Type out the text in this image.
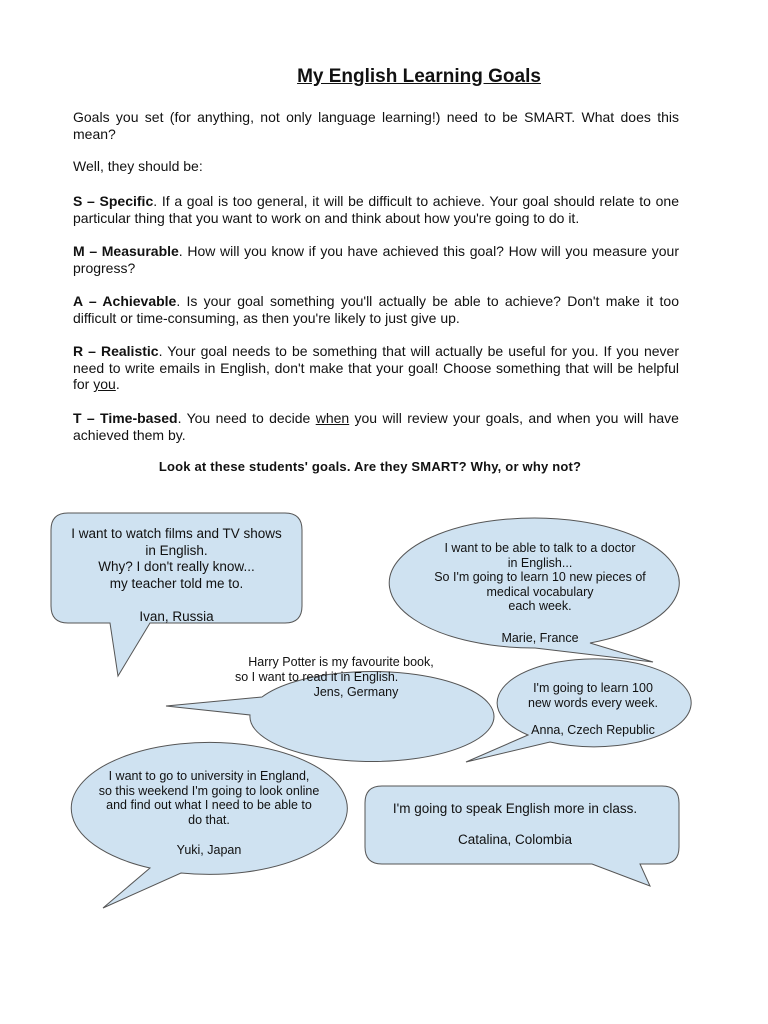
My English Learning Goals

Goals you set (for anything, not only language learning!) need to be SMART. What does this mean?

Well, they should be:

S – Specific. If a goal is too general, it will be difficult to achieve. Your goal should relate to one particular thing that you want to work on and think about how you're going to do it.

M – Measurable. How will you know if you have achieved this goal? How will you measure your progress?

A – Achievable. Is your goal something you'll actually be able to achieve? Don't make it too difficult or time-consuming, as then you're likely to just give up.

R – Realistic. Your goal needs to be something that will actually be useful for you. If you never need to write emails in English, don't make that your goal! Choose something that will be helpful for you.

T – Time-based. You need to decide when you will review your goals, and when you will have achieved them by.

Look at these students' goals. Are they SMART? Why, or why not?
I want to watch films and TV shows
in English.
Why? I don't really know...
my teacher told me to.
Ivan, Russia
I want to be able to talk to a doctor
in English...
So I'm going to learn 10 new pieces of
medical vocabulary
each week.
Marie, France
Harry Potter is my favourite book,
so I want to read it in English.
Jens, Germany	I'm going to learn 100
new words every week.
Anna, Czech Republic
I want to go to university in England,
so this weekend I'm going to look online
and find out what I need to be able to
do that.
Yuki, Japan
I'm going to speak English more in class.
Catalina, Colombia
